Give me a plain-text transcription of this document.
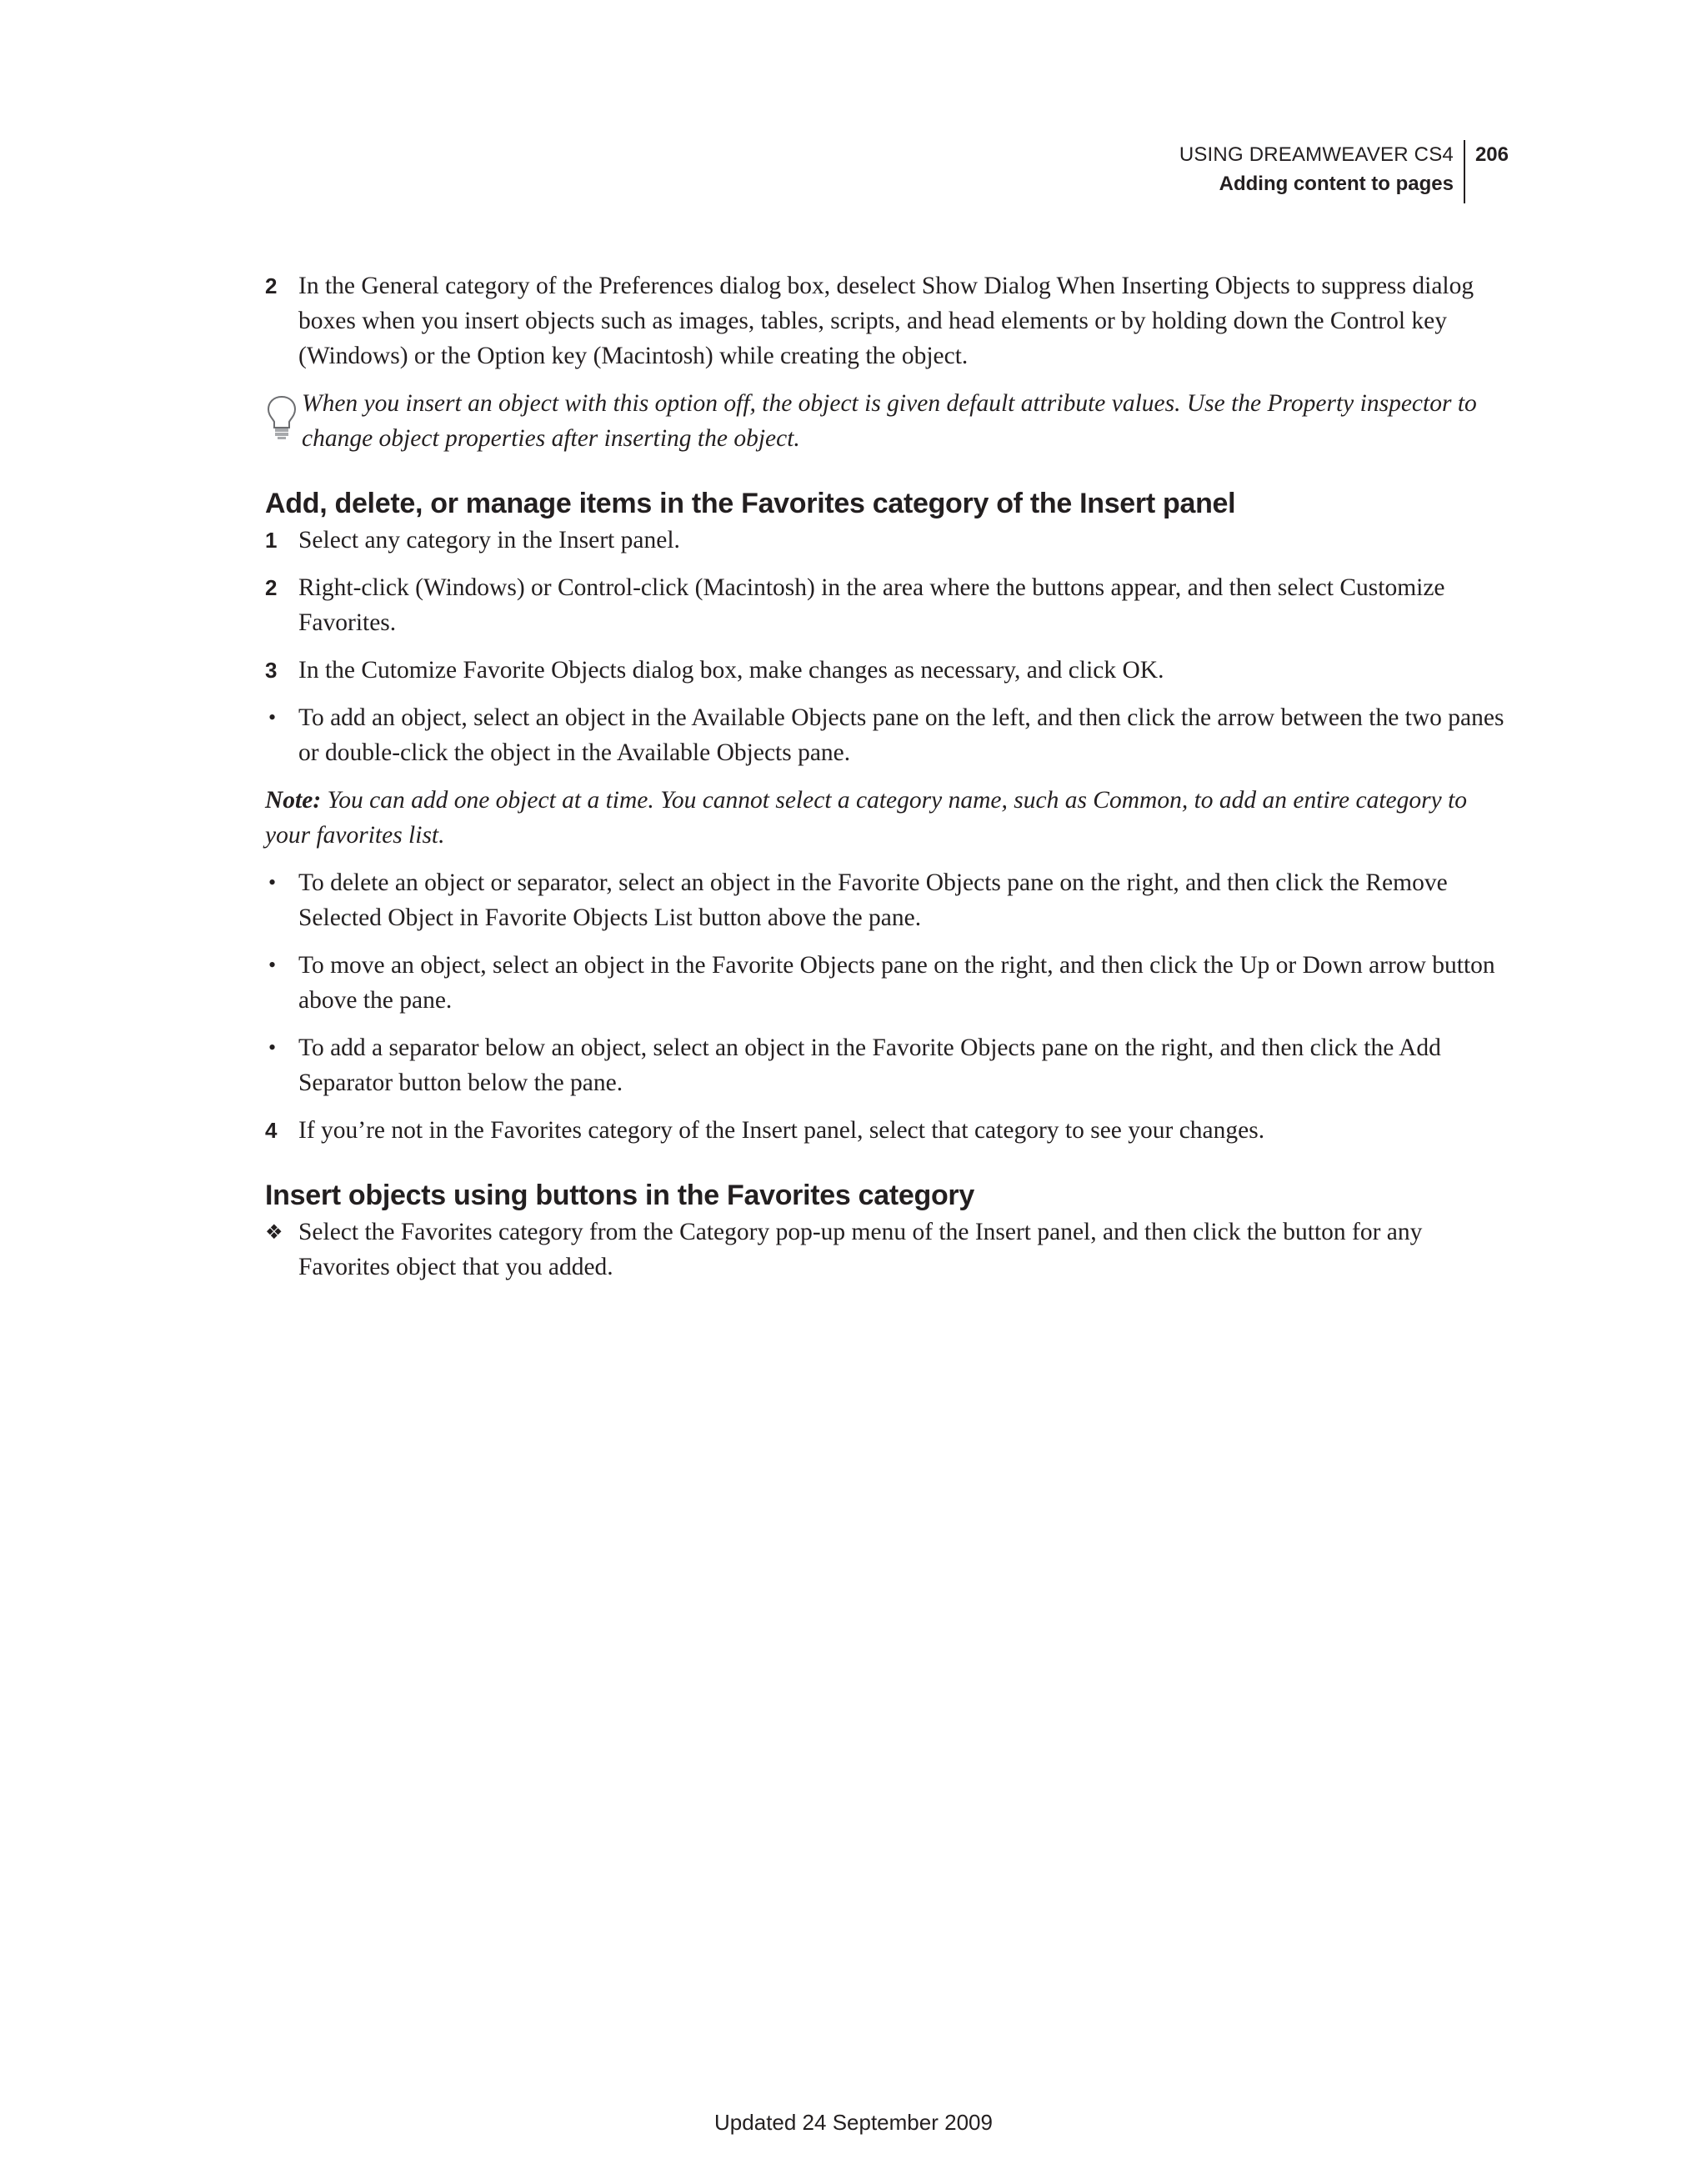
USING DREAMWEAVER CS4
Adding content to pages
206
2 In the General category of the Preferences dialog box, deselect Show Dialog When Inserting Objects to suppress dialog boxes when you insert objects such as images, tables, scripts, and head elements or by holding down the Control key (Windows) or the Option key (Macintosh) while creating the object.
When you insert an object with this option off, the object is given default attribute values. Use the Property inspector to change object properties after inserting the object.
Add, delete, or manage items in the Favorites category of the Insert panel
1 Select any category in the Insert panel.
2 Right-click (Windows) or Control-click (Macintosh) in the area where the buttons appear, and then select Customize Favorites.
3 In the Cutomize Favorite Objects dialog box, make changes as necessary, and click OK.
• To add an object, select an object in the Available Objects pane on the left, and then click the arrow between the two panes or double-click the object in the Available Objects pane.
Note: You can add one object at a time. You cannot select a category name, such as Common, to add an entire category to your favorites list.
• To delete an object or separator, select an object in the Favorite Objects pane on the right, and then click the Remove Selected Object in Favorite Objects List button above the pane.
• To move an object, select an object in the Favorite Objects pane on the right, and then click the Up or Down arrow button above the pane.
• To add a separator below an object, select an object in the Favorite Objects pane on the right, and then click the Add Separator button below the pane.
4 If you’re not in the Favorites category of the Insert panel, select that category to see your changes.
Insert objects using buttons in the Favorites category
❖ Select the Favorites category from the Category pop-up menu of the Insert panel, and then click the button for any Favorites object that you added.
Updated 24 September 2009
